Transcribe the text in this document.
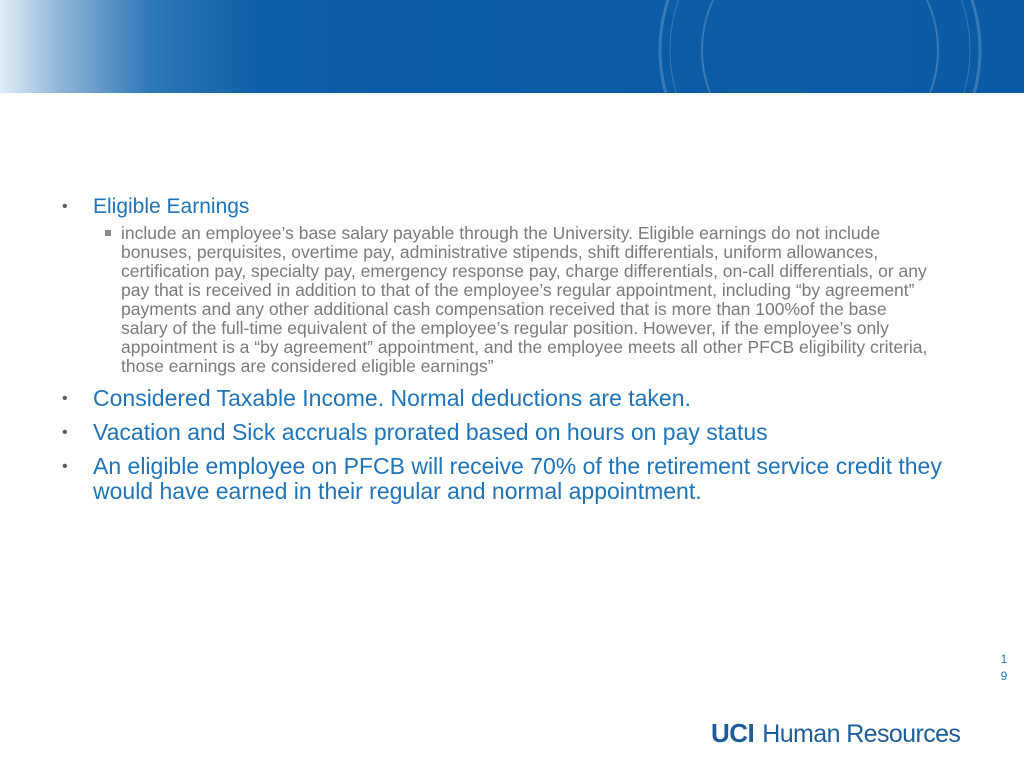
• Eligible Earnings
include an employee’s base salary payable through the University. Eligible earnings do not include bonuses, perquisites, overtime pay, administrative stipends, shift differentials, uniform allowances, certification pay, specialty pay, emergency response pay, charge differentials, on-call differentials, or any pay that is received in addition to that of the employee’s regular appointment, including “by agreement” payments and any other additional cash compensation received that is more than 100%of the base salary of the full-time equivalent of the employee’s regular position. However, if the employee’s only appointment is a “by agreement” appointment, and the employee meets all other PFCB eligibility criteria, those earnings are considered eligible earnings”
• Considered Taxable Income. Normal deductions are taken.
• Vacation and Sick accruals prorated based on hours on pay status
• An eligible employee on PFCB will receive 70% of the retirement service credit they would have earned in their regular and normal appointment.
1
9
UCI Human Resources
